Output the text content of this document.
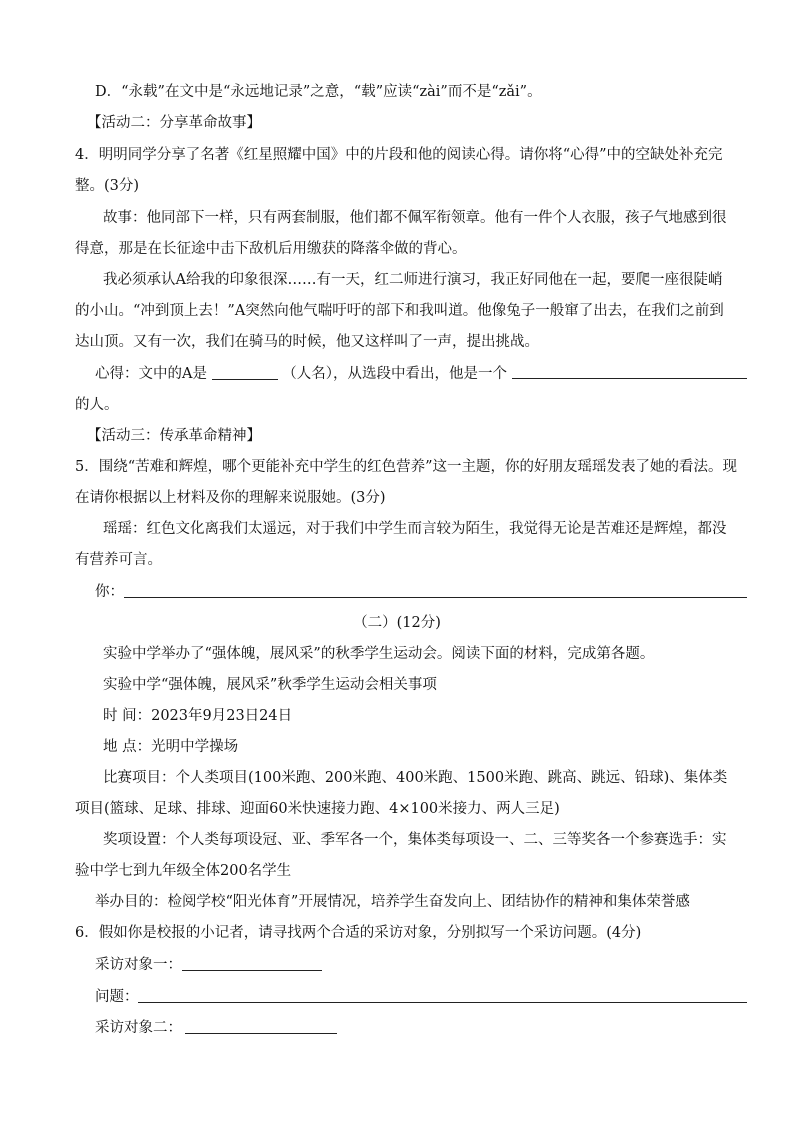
D．“永载”在文中是“永远地记录”之意，“载”应读“zài”而不是“zǎi”。
【活动二：分享革命故事】
4．明明同学分享了名著《红星照耀中国》中的片段和他的阅读心得。请你将“心得”中的空缺处补充完
整。(3分)
故事：他同部下一样，只有两套制服，他们都不佩军衔领章。他有一件个人衣服，孩子气地感到很
得意，那是在长征途中击下敌机后用缴获的降落伞做的背心。
我必须承认A给我的印象很深……有一天，红二师进行演习，我正好同他在一起，要爬一座很陡峭
的小山。“冲到顶上去！”A突然向他气喘吁吁的部下和我叫道。他像兔子一般窜了出去，在我们之前到
达山顶。又有一次，我们在骑马的时候，他又这样叫了一声，提出挑战。
心得：文中的A是	（人名），从选段中看出，他是一个
的人。
【活动三：传承革命精神】
5．围绕“苦难和辉煌，哪个更能补充中学生的红色营养”这一主题，你的好朋友瑶瑶发表了她的看法。现
在请你根据以上材料及你的理解来说服她。(3分)
瑶瑶：红色文化离我们太遥远，对于我们中学生而言较为陌生，我觉得无论是苦难还是辉煌，都没
有营养可言。
你：
（二）(12分)
实验中学举办了“强体魄，展风采”的秋季学生运动会。阅读下面的材料，完成第各题。
实验中学“强体魄，展风采”秋季学生运动会相关事项
时 间：2023年9月23日24日
地 点：光明中学操场
比赛项目：个人类项目(100米跑、200米跑、400米跑、1500米跑、跳高、跳远、铅球)、集体类
项目(篮球、足球、排球、迎面60米快速接力跑、4×100米接力、两人三足)
奖项设置：个人类每项设冠、亚、季军各一个，集体类每项设一、二、三等奖各一个参赛选手：实
验中学七到九年级全体200名学生
举办目的：检阅学校“阳光体育”开展情况，培养学生奋发向上、团结协作的精神和集体荣誉感
6．假如你是校报的小记者，请寻找两个合适的采访对象，分别拟写一个采访问题。(4分)
采访对象一：
问题：
采访对象二：
